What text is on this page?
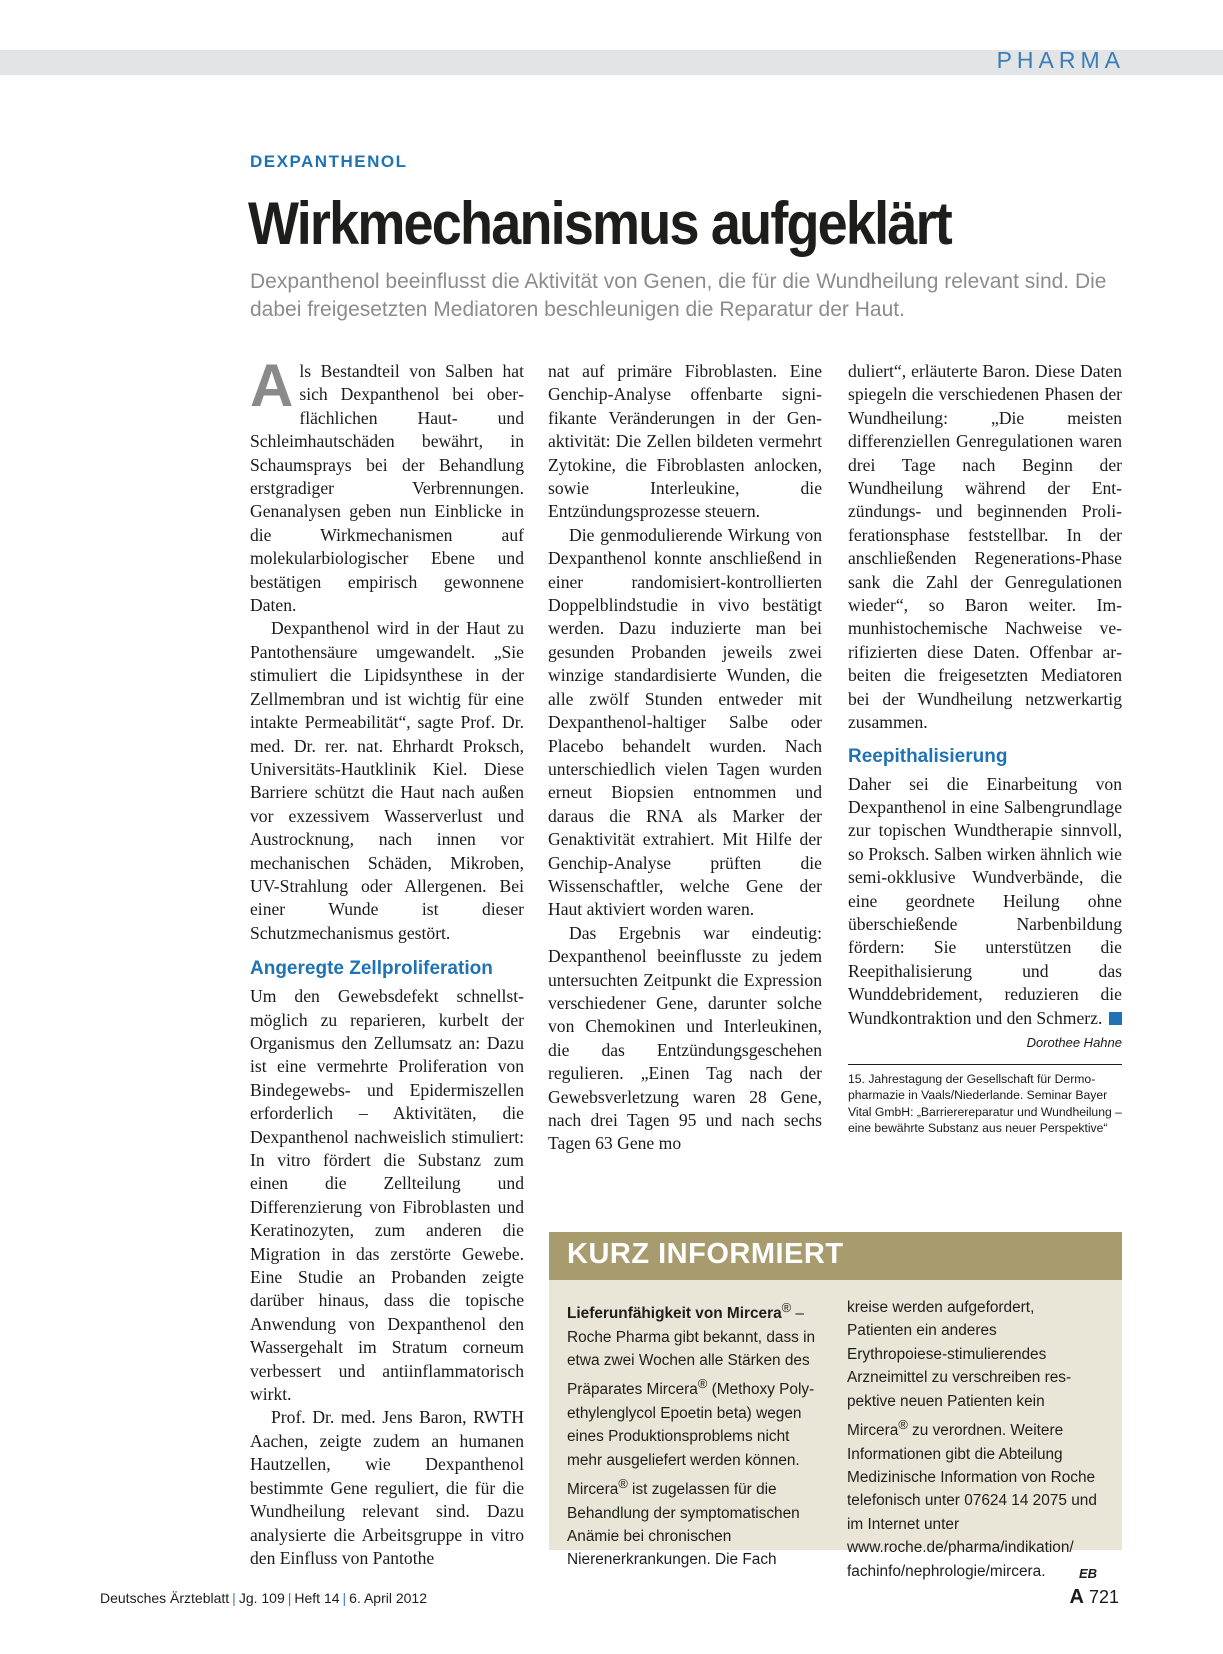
PHARMA
DEXPANTHENOL
Wirkmechanismus aufgeklärt
Dexpanthenol beeinflusst die Aktivität von Genen, die für die Wundheilung relevant sind. Die dabei freigesetzten Mediatoren beschleunigen die Reparatur der Haut.

Als Bestandteil von Salben hat sich Dexpanthenol bei oberflächlichen Haut- und Schleimhautschäden bewährt, in Schaumsprays bei der Behandlung erstgradiger Verbrennungen. Genanalysen geben nun Einblicke in die Wirkmechanismen auf molekularbiologischer Ebene und bestätigen empirisch gewonnene Daten.

Dexpanthenol wird in der Haut zu Pantothensäure umgewandelt. „Sie stimuliert die Lipidsynthese in der Zellmembran und ist wichtig für eine intakte Permeabilität“, sagte Prof. Dr. med. Dr. rer. nat. Ehrhardt Proksch, Universitäts-Hautklinik Kiel. Diese Barriere schützt die Haut nach außen vor exzessivem Wasserverlust und Austrocknung, nach innen vor mechanischen Schäden, Mikroben, UV-Strahlung oder Allergenen. Bei einer Wunde ist dieser Schutzmechanismus gestört.

Angeregte Zellproliferation

Um den Gewebsdefekt schnellstmöglich zu reparieren, kurbelt der Organismus den Zellumsatz an: Dazu ist eine vermehrte Proliferation von Bindegewebs- und Epidermiszellen erforderlich – Aktivitäten, die Dexpanthenol nachweislich stimuliert: In vitro fördert die Substanz zum einen die Zellteilung und Differenzierung von Fibroblasten und Keratinozyten, zum anderen die Migration in das zerstörte Gewebe. Eine Studie an Probanden zeigte darüber hinaus, dass die topische Anwendung von Dexpanthenol den Wassergehalt im Stratum corneum verbessert und antiinflammatorisch wirkt.

Prof. Dr. med. Jens Baron, RWTH Aachen, zeigte zudem an humanen Hautzellen, wie Dexpanthenol bestimmte Gene reguliert, die für die Wundheilung relevant sind. Dazu analysierte die Arbeitsgruppe in vitro den Einfluss von Pantothe

nat auf primäre Fibroblasten. Eine Genchip-Analyse offenbarte signifikante Veränderungen in der Genaktivität: Die Zellen bildeten vermehrt Zytokine, die Fibroblasten anlocken, sowie Interleukine, die Entzündungsprozesse steuern.

Die genmodulierende Wirkung von Dexpanthenol konnte anschließend in einer randomisiert-kontrollierten Doppelblindstudie in vivo bestätigt werden. Dazu induzierte man bei gesunden Probanden jeweils zwei winzige standardisierte Wunden, die alle zwölf Stunden entweder mit Dexpanthenol-haltiger Salbe oder Placebo behandelt wurden. Nach unterschiedlich vielen Tagen wurden erneut Biopsien entnommen und daraus die RNA als Marker der Genaktivität extrahiert. Mit Hilfe der Genchip-Analyse prüften die Wissenschaftler, welche Gene der Haut aktiviert worden waren.

Das Ergebnis war eindeutig: Dexpanthenol beeinflusste zu jedem untersuchten Zeitpunkt die Expression verschiedener Gene, darunter solche von Chemokinen und Interleukinen, die das Entzündungsgeschehen regulieren. „Einen Tag nach der Gewebsverletzung waren 28 Gene, nach drei Tagen 95 und nach sechs Tagen 63 Gene mo

duliert“, erläuterte Baron. Diese Daten spiegeln die verschiedenen Phasen der Wundheilung: „Die meisten differenziellen Genregulationen waren drei Tage nach Beginn der Wundheilung während der Entzündungs- und beginnenden Proliferationsphase feststellbar. In der anschließenden Regenerations-Phase sank die Zahl der Genregulationen wieder“, so Baron weiter. Immunhistochemische Nachweise verifizierten diese Daten. Offenbar arbeiten die freigesetzten Mediatoren bei der Wundheilung netzwerkartig zusammen.

Reepithalisierung

Daher sei die Einarbeitung von Dexpanthenol in eine Salbengrundlage zur topischen Wundtherapie sinnvoll, so Proksch. Salben wirken ähnlich wie semi-okklusive Wundverbände, die eine geordnete Heilung ohne überschießende Narbenbildung fördern: Sie unterstützen die Reepithalisierung und das Wunddebridement, reduzieren die Wundkontraktion und den Schmerz.

Dorothee Hahne
15. Jahrestagung der Gesellschaft für Dermopharmazie in Vaals/Niederlande. Seminar Bayer Vital GmbH: „Barrierereparatur und Wundheilung – eine bewährte Substanz aus neuer Perspektive“
KURZ INFORMIERT
Lieferunfähigkeit von Mircera® – Roche Pharma gibt bekannt, dass in etwa zwei Wochen alle Stärken des Präparates Mircera® (Methoxy Polyethylenglycol Epoetin beta) wegen eines Produktionsproblems nicht mehr ausgeliefert werden können. Mircera® ist zugelassen für die Behandlung der symptomatischen Anämie bei chronischen Nierenerkrankungen. Die Fach
kreise werden aufgefordert, Patienten ein anderes Erythropoiese-stimulierendes Arzneimittel zu verschreiben respektive neuen Patienten kein Mircera® zu verordnen. Weitere Informationen gibt die Abteilung Medizinische Information von Roche telefonisch unter 07624 14 2075 und im Internet unter www.roche.de/pharma/indikation/ fachinfo/nephrologie/mircera.	EB
Deutsches Ärzteblatt | Jg. 109 | Heft 14 | 6. April 2012	A 721
